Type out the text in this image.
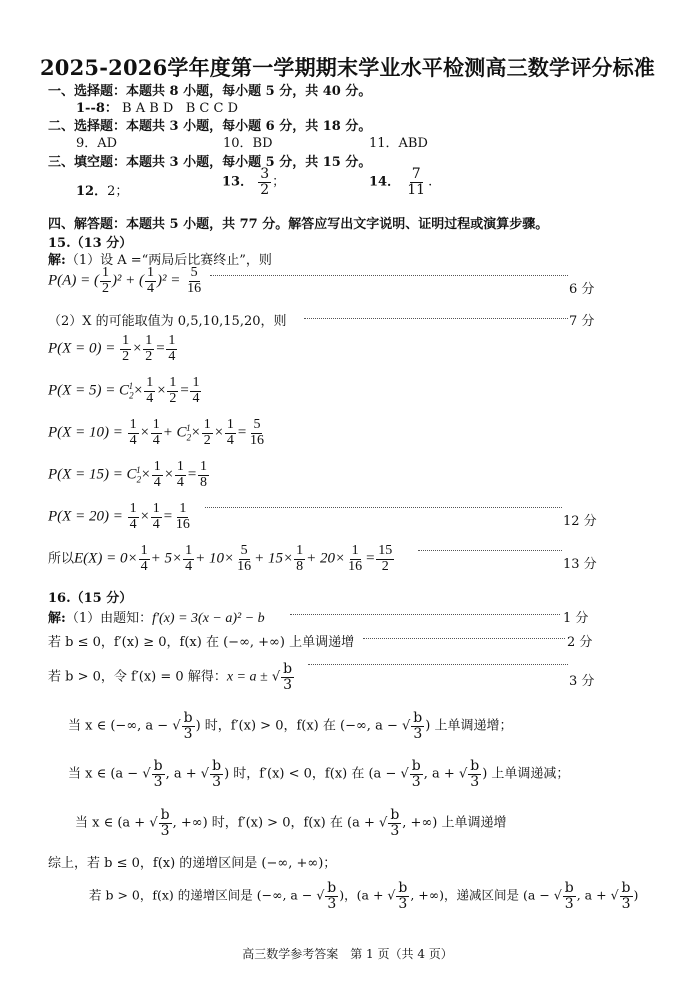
2025-2026学年度第一学期期末学业水平检测高三数学评分标准
一、选择题：本题共 8 小题，每小题 5 分，共 40 分。
1--8： B A B D   B C C D
二、选择题：本题共 3 小题，每小题 6 分，共 18 分。
9．AD	10．BD	11．ABD
三、填空题：本题共 3 小题，每小题 5 分，共 15 分。
12．2；
13． $\frac{3}{2}$ ；	14． $\frac{7}{11}$ .
四、解答题：本题共 5 小题，共 77 分。解答应写出文字说明、证明过程或演算步骤。
15.（13 分）
解:（1）设 A =“两局后比赛终止”，则
P(A) = ( $\frac{1}{2} )^2$ + ( $\frac{1}{4} )^2 = \frac{5}{16}$	6 分
（2）X 的可能取值为 0,5,10,15,20，则	7 分
$P(X = 0) = \frac{1}{2} \times \frac{1}{2} = \frac{1}{4}$
$P(X = 5) = C_2^1\times \frac{1}{4} \times \frac{1}{2} = \frac{1}{4}$
$P(X = 10) = \frac{1}{4} \times \frac{1}{4} + C_2^1\times \frac{1}{2} \times \frac{1}{4} = \frac{5}{16}$
$P(X = 15) = C_2^1\times \frac{1}{4} \times \frac{1}{4} = \frac{1}{8}$
$P(X = 20) = \frac{1}{4} \times \frac{1}{4} = \frac{1}{16}$	12 分
所以$E(X) = 0\times \frac{1}{4} + 5\times \frac{1}{4} + 10\times \frac{5}{16} + 15\times \frac{1}{8} + 20\times \frac{1}{16} = \frac{15}{2}$	13 分
16.（15 分）
解:（1）由题知：f′(x) = 3(x − a)² − b	1 分
若 b ≤ 0，f′(x) ≥ 0，f(x) 在 (−∞, +∞) 上单调递增	2 分
若 b > 0，令 f′(x) = 0 解得：x = a ± √ $\frac{b}{3}$	3 分
当 x ∈ (−∞, a − √ $\frac{b}{3}$ ) 时，f′(x) > 0，f(x) 在 (−∞, a − √ $\frac{b}{3}$ ) 上单调递增；
当 x ∈ (a − √ $\frac{b}{3}$ , a + √ $\frac{b}{3}$ ) 时，f′(x) < 0，f(x) 在 (a − √ $\frac{b}{3}$ , a + √ $\frac{b}{3}$ ) 上单调递减；
当 x ∈ (a + √ $\frac{b}{3}$ , +∞) 时，f′(x) > 0，f(x) 在 (a + √ $\frac{b}{3}$ , +∞) 上单调递增
综上，若 b ≤ 0，f(x) 的递增区间是 (−∞, +∞)；
若 b > 0，f(x) 的递增区间是 (−∞, a − √ $\frac{b}{3}$ )，(a + √ $\frac{b}{3}$ , +∞)，递减区间是 (a − √ $\frac{b}{3}$ , a + √ $\frac{b}{3}$ )
高三数学参考答案　第 1 页（共 4 页）
